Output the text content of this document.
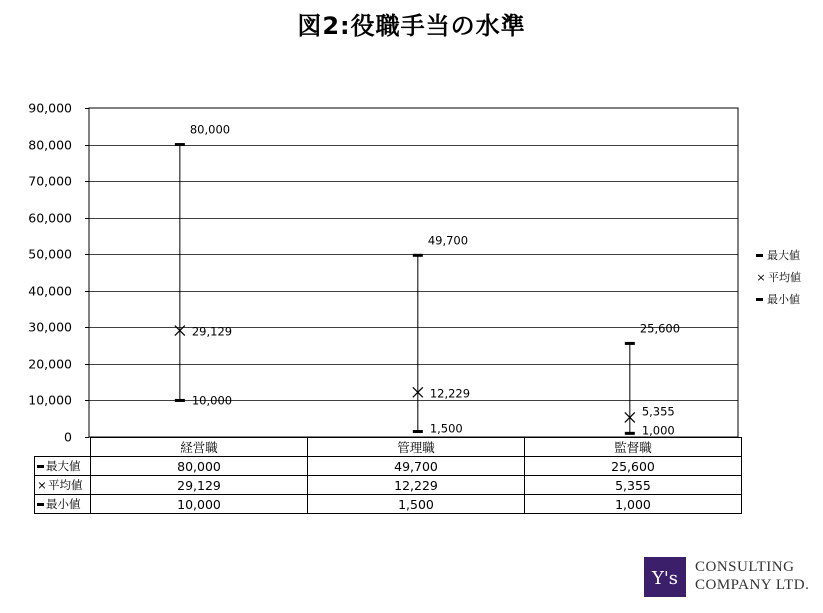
図2:役職手当の水準
0
10,000
20,000
30,000
40,000
50,000
60,000
70,000
80,000
90,000
80,000
29,129
10,000
49,700
12,229
1,500
25,600
5,355
1,000
最大値
× 平均値
最小値
	経営職	管理職	監督職
最大値	80,000	49,700	25,600
×平均値	29,129	12,229	5,355
最小値	10,000	1,500	1,000
Y's
CONSULTING
COMPANY LTD.
